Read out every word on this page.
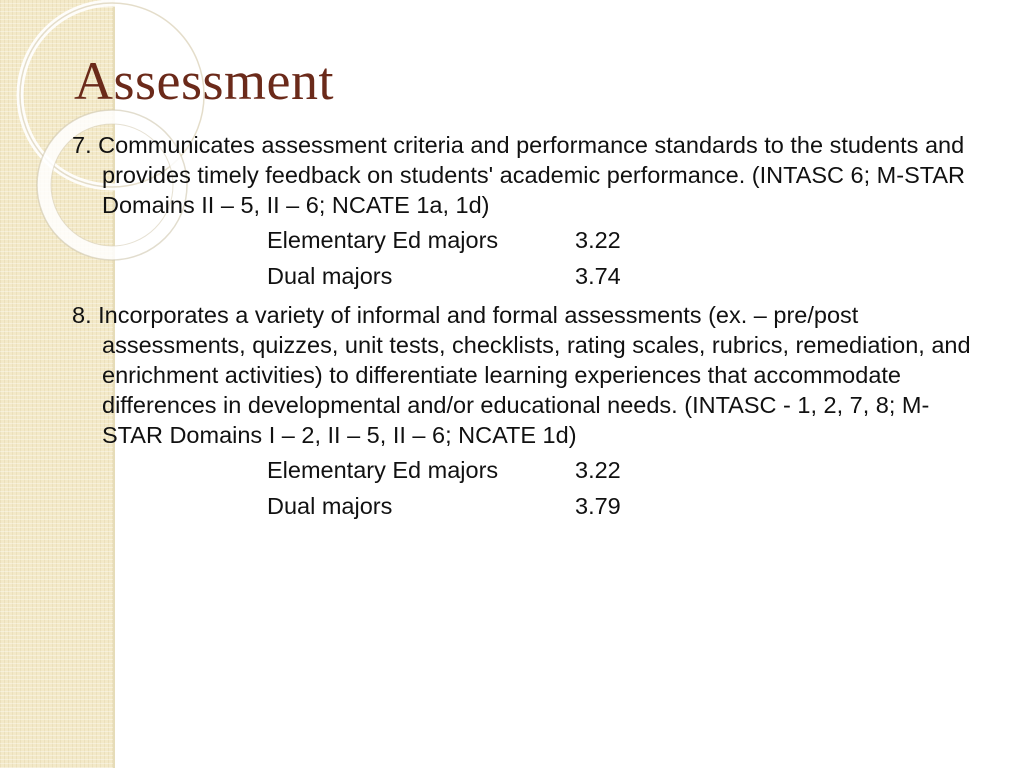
Assessment

7. Communicates assessment criteria and performance standards to the students and provides timely feedback on students' academic performance. (INTASC 6; M-STAR Domains II – 5, II – 6; NCATE 1a, 1d)

Elementary Ed majors	3.22
Dual majors	3.74

8. Incorporates a variety of informal and formal assessments (ex. – pre/post assessments, quizzes, unit tests, checklists, rating scales, rubrics, remediation, and enrichment activities) to differentiate learning experiences that accommodate differences in developmental and/or educational needs. (INTASC - 1, 2, 7, 8; M-STAR Domains I – 2, II – 5, II – 6; NCATE 1d)

Elementary Ed majors	3.22
Dual majors	3.79
